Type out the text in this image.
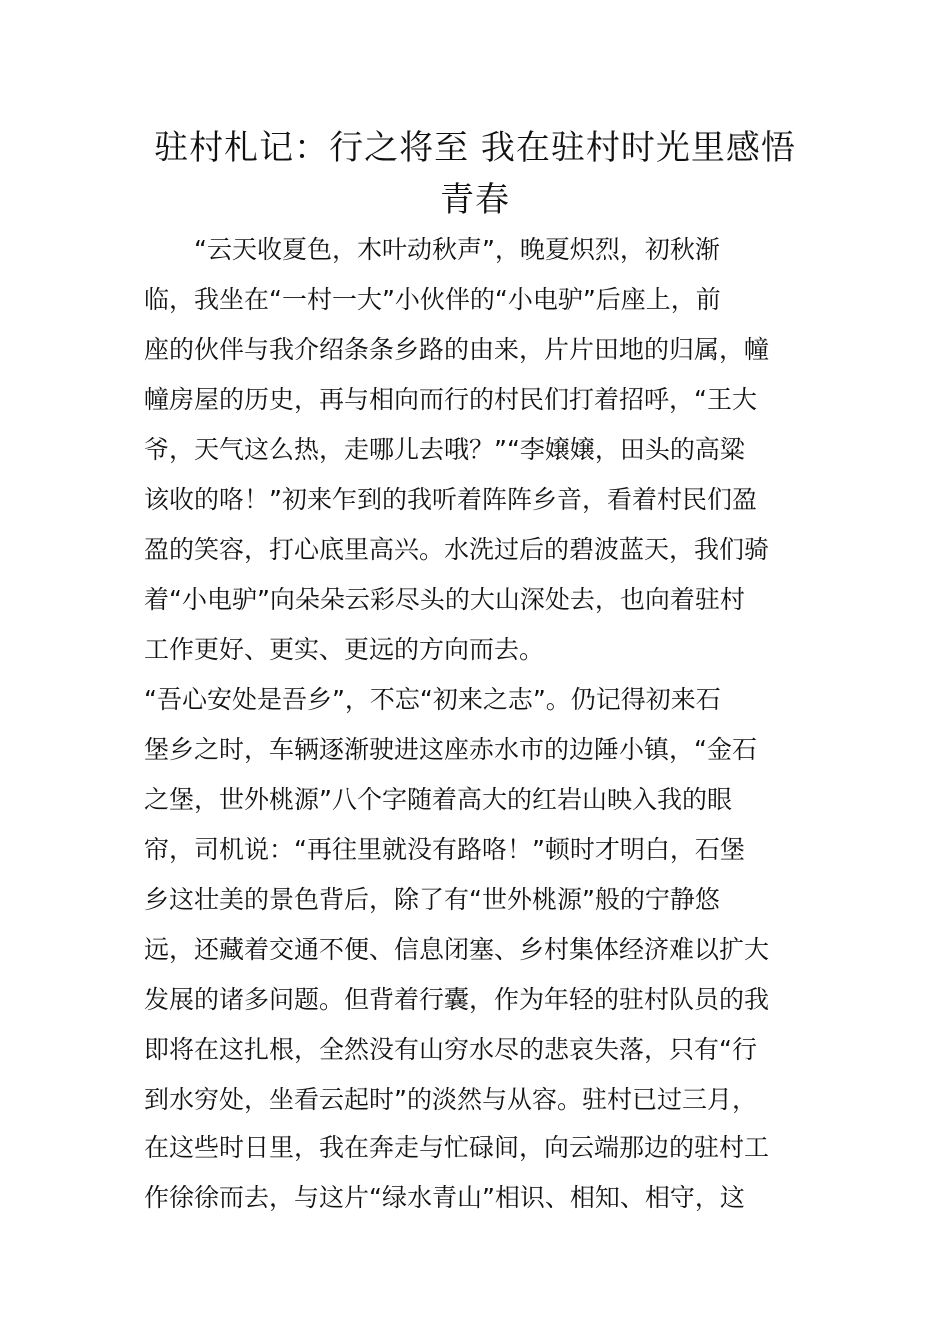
驻村札记：行之将至 我在驻村时光里感悟
青春

　　“云天收夏色，木叶动秋声”，晚夏炽烈，初秋渐

临，我坐在“一村一大”小伙伴的“小电驴”后座上，前

座的伙伴与我介绍条条乡路的由来，片片田地的归属，幢

幢房屋的历史，再与相向而行的村民们打着招呼，“王大

爷，天气这么热，走哪儿去哦？”“李嬢嬢，田头的高粱

该收的咯！”初来乍到的我听着阵阵乡音，看着村民们盈

盈的笑容，打心底里高兴。水洗过后的碧波蓝天，我们骑

着“小电驴”向朵朵云彩尽头的大山深处去，也向着驻村

工作更好、更实、更远的方向而去。

“吾心安处是吾乡”，不忘“初来之志”。仍记得初来石

堡乡之时，车辆逐渐驶进这座赤水市的边陲小镇，“金石

之堡，世外桃源”八个字随着高大的红岩山映入我的眼

帘，司机说：“再往里就没有路咯！”顿时才明白，石堡

乡这壮美的景色背后，除了有“世外桃源”般的宁静悠

远，还藏着交通不便、信息闭塞、乡村集体经济难以扩大

发展的诸多问题。但背着行囊，作为年轻的驻村队员的我

即将在这扎根，全然没有山穷水尽的悲哀失落，只有“行

到水穷处，坐看云起时”的淡然与从容。驻村已过三月，

在这些时日里，我在奔走与忙碌间，向云端那边的驻村工

作徐徐而去，与这片“绿水青山”相识、相知、相守，这
